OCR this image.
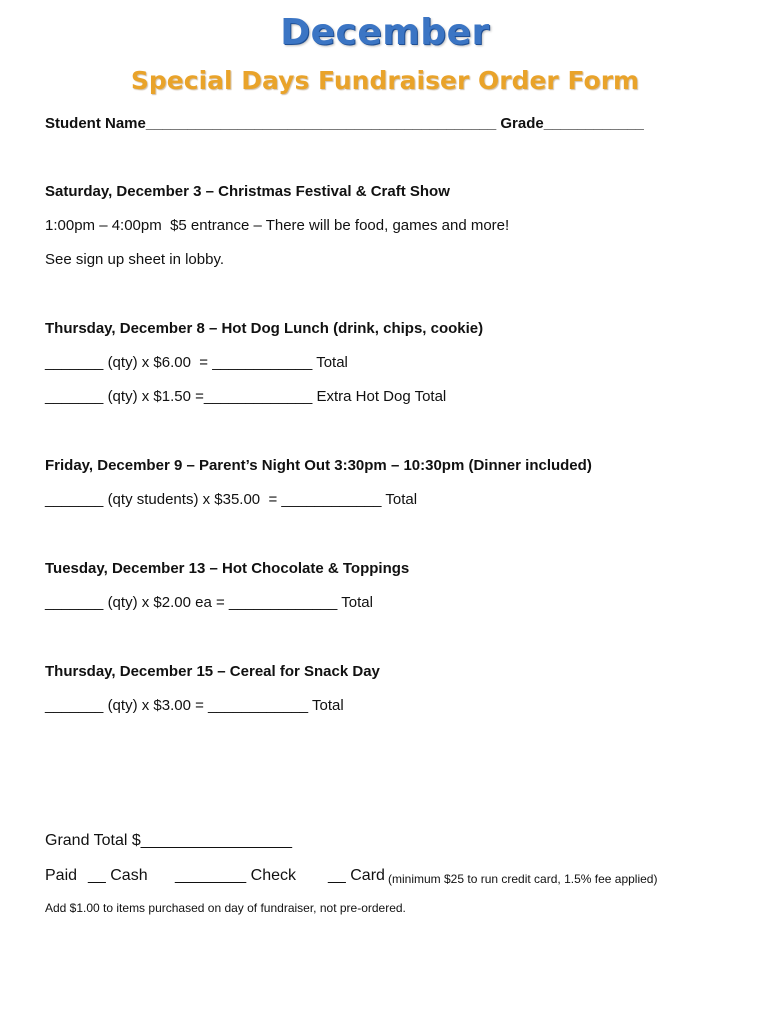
December
Special Days Fundraiser Order Form
Student Name__________________________________________ Grade____________
Saturday, December 3 – Christmas Festival & Craft Show
1:00pm – 4:00pm  $5 entrance – There will be food, games and more!
See sign up sheet in lobby.
Thursday, December 8 – Hot Dog Lunch (drink, chips, cookie)
_______ (qty) x $6.00  = ____________ Total
_______ (qty) x $1.50 =_____________ Extra Hot Dog Total
Friday, December 9 – Parent’s Night Out 3:30pm – 10:30pm (Dinner included)
_______ (qty students) x $35.00  = ____________ Total
Tuesday, December 13 – Hot Chocolate & Toppings
_______ (qty) x $2.00 ea = _____________ Total
Thursday, December 15 – Cereal for Snack Day
_______ (qty) x $3.00 = ____________ Total
Grand Total $_________________
Paid __ Cash ________ Check __ Card (minimum $25 to run credit card, 1.5% fee applied)
Add $1.00 to items purchased on day of fundraiser, not pre-ordered.
